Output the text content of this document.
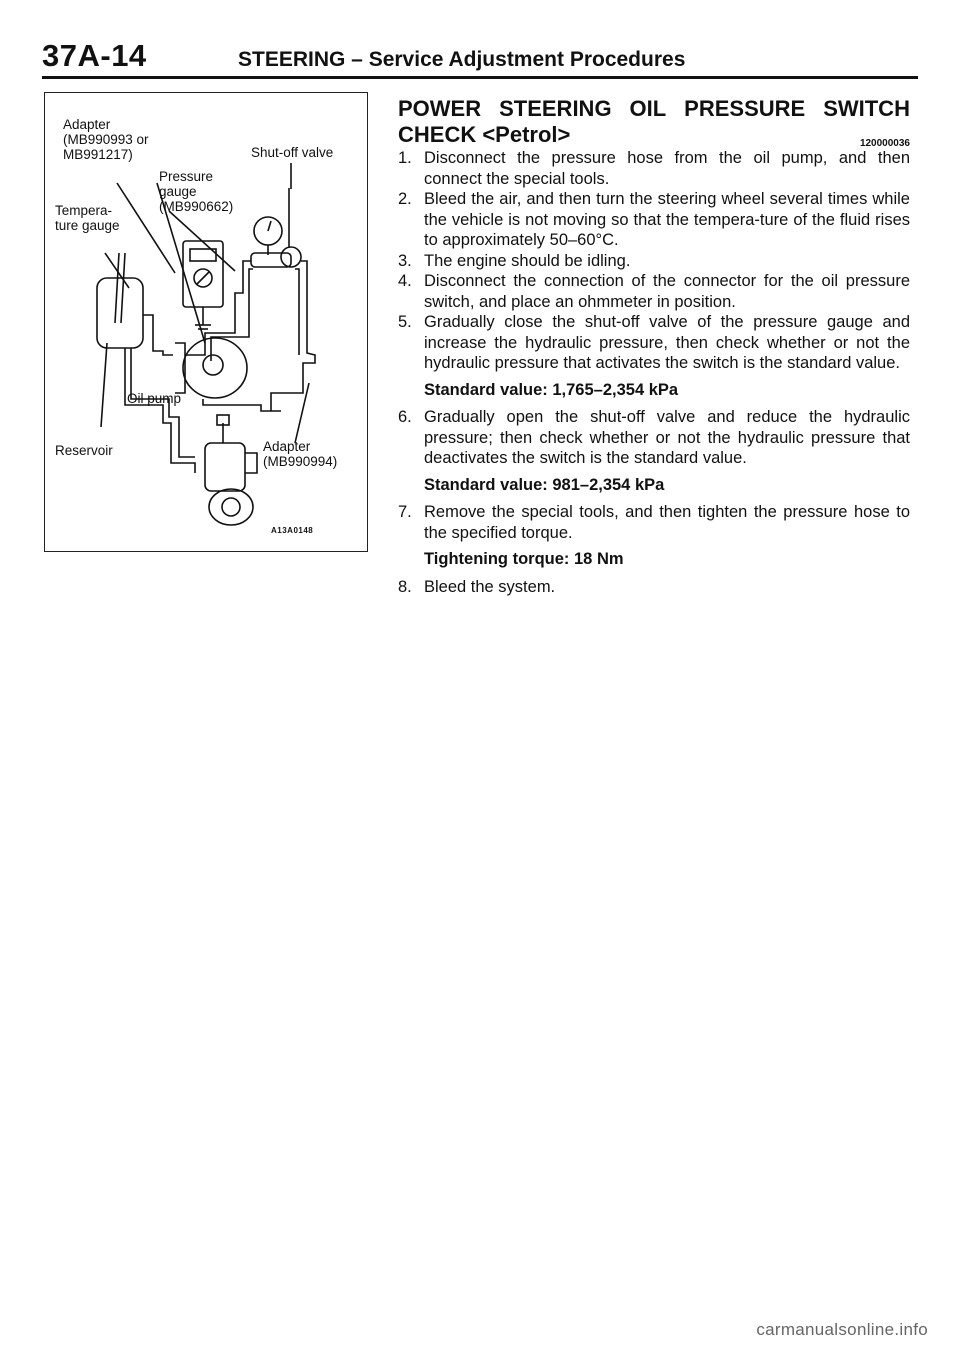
37A-14	STEERING – Service Adjustment Procedures
Adapter
(MB990993 or
MB991217)	Shut-off valve
Pressure
gauge
(MB990662)
Tempera-
ture gauge
Oil pump
Reservoir	Adapter
(MB990994)
A13A0148
POWER STEERING OIL PRESSURE SWITCH
CHECK <Petrol>	120000036
1. Disconnect the pressure hose from the oil pump, and then connect the special tools.
2. Bleed the air, and then turn the steering wheel several times while the vehicle is not moving so that the tempera-ture of the fluid rises to approximately 50–60°C.
3. The engine should be idling.
4. Disconnect the connection of the connector for the oil pressure switch, and place an ohmmeter in position.
5. Gradually close the shut-off valve of the pressure gauge and increase the hydraulic pressure, then check whether or not the hydraulic pressure that activates the switch is the standard value.
Standard value: 1,765–2,354 kPa
6. Gradually open the shut-off valve and reduce the hydraulic pressure; then check whether or not the hydraulic pressure that deactivates the switch is the standard value.
Standard value: 981–2,354 kPa
7. Remove the special tools, and then tighten the pressure hose to the specified torque.
Tightening torque: 18 Nm
8. Bleed the system.
carmanualsonline.info
